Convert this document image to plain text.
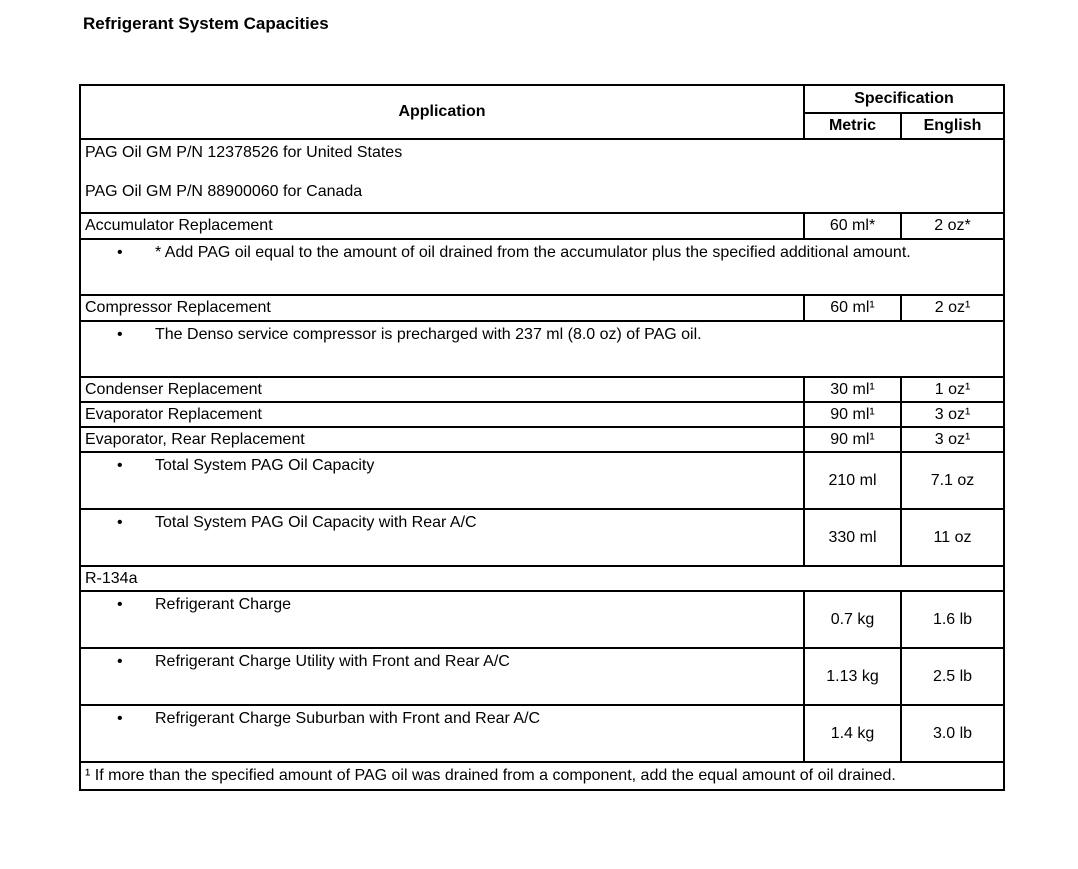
Refrigerant System Capacities
Application	Specification	
	Metric	English

PAG Oil GM P/N 12378526 for United States
PAG Oil GM P/N 88900060 for Canada		

Accumulator Replacement	60 ml*	2 oz*

• * Add PAG oil equal to the amount of oil drained from the accumulator plus the specified additional amount.		

Compressor Replacement	60 ml¹	2 oz¹

• The Denso service compressor is precharged with 237 ml (8.0 oz) of PAG oil.		

Condenser Replacement	30 ml¹	1 oz¹
Evaporator Replacement	90 ml¹	3 oz¹
Evaporator, Rear Replacement	90 ml¹	3 oz¹

• Total System PAG Oil Capacity	210 ml	7.1 oz

• Total System PAG Oil Capacity with Rear A/C	330 ml	11 oz
R-134a		

• Refrigerant Charge	0.7 kg	1.6 lb

• Refrigerant Charge Utility with Front and Rear A/C	1.13 kg	2.5 lb

• Refrigerant Charge Suburban with Front and Rear A/C	1.4 kg	3.0 lb
¹ If more than the specified amount of PAG oil was drained from a component, add the equal amount of oil drained.		
